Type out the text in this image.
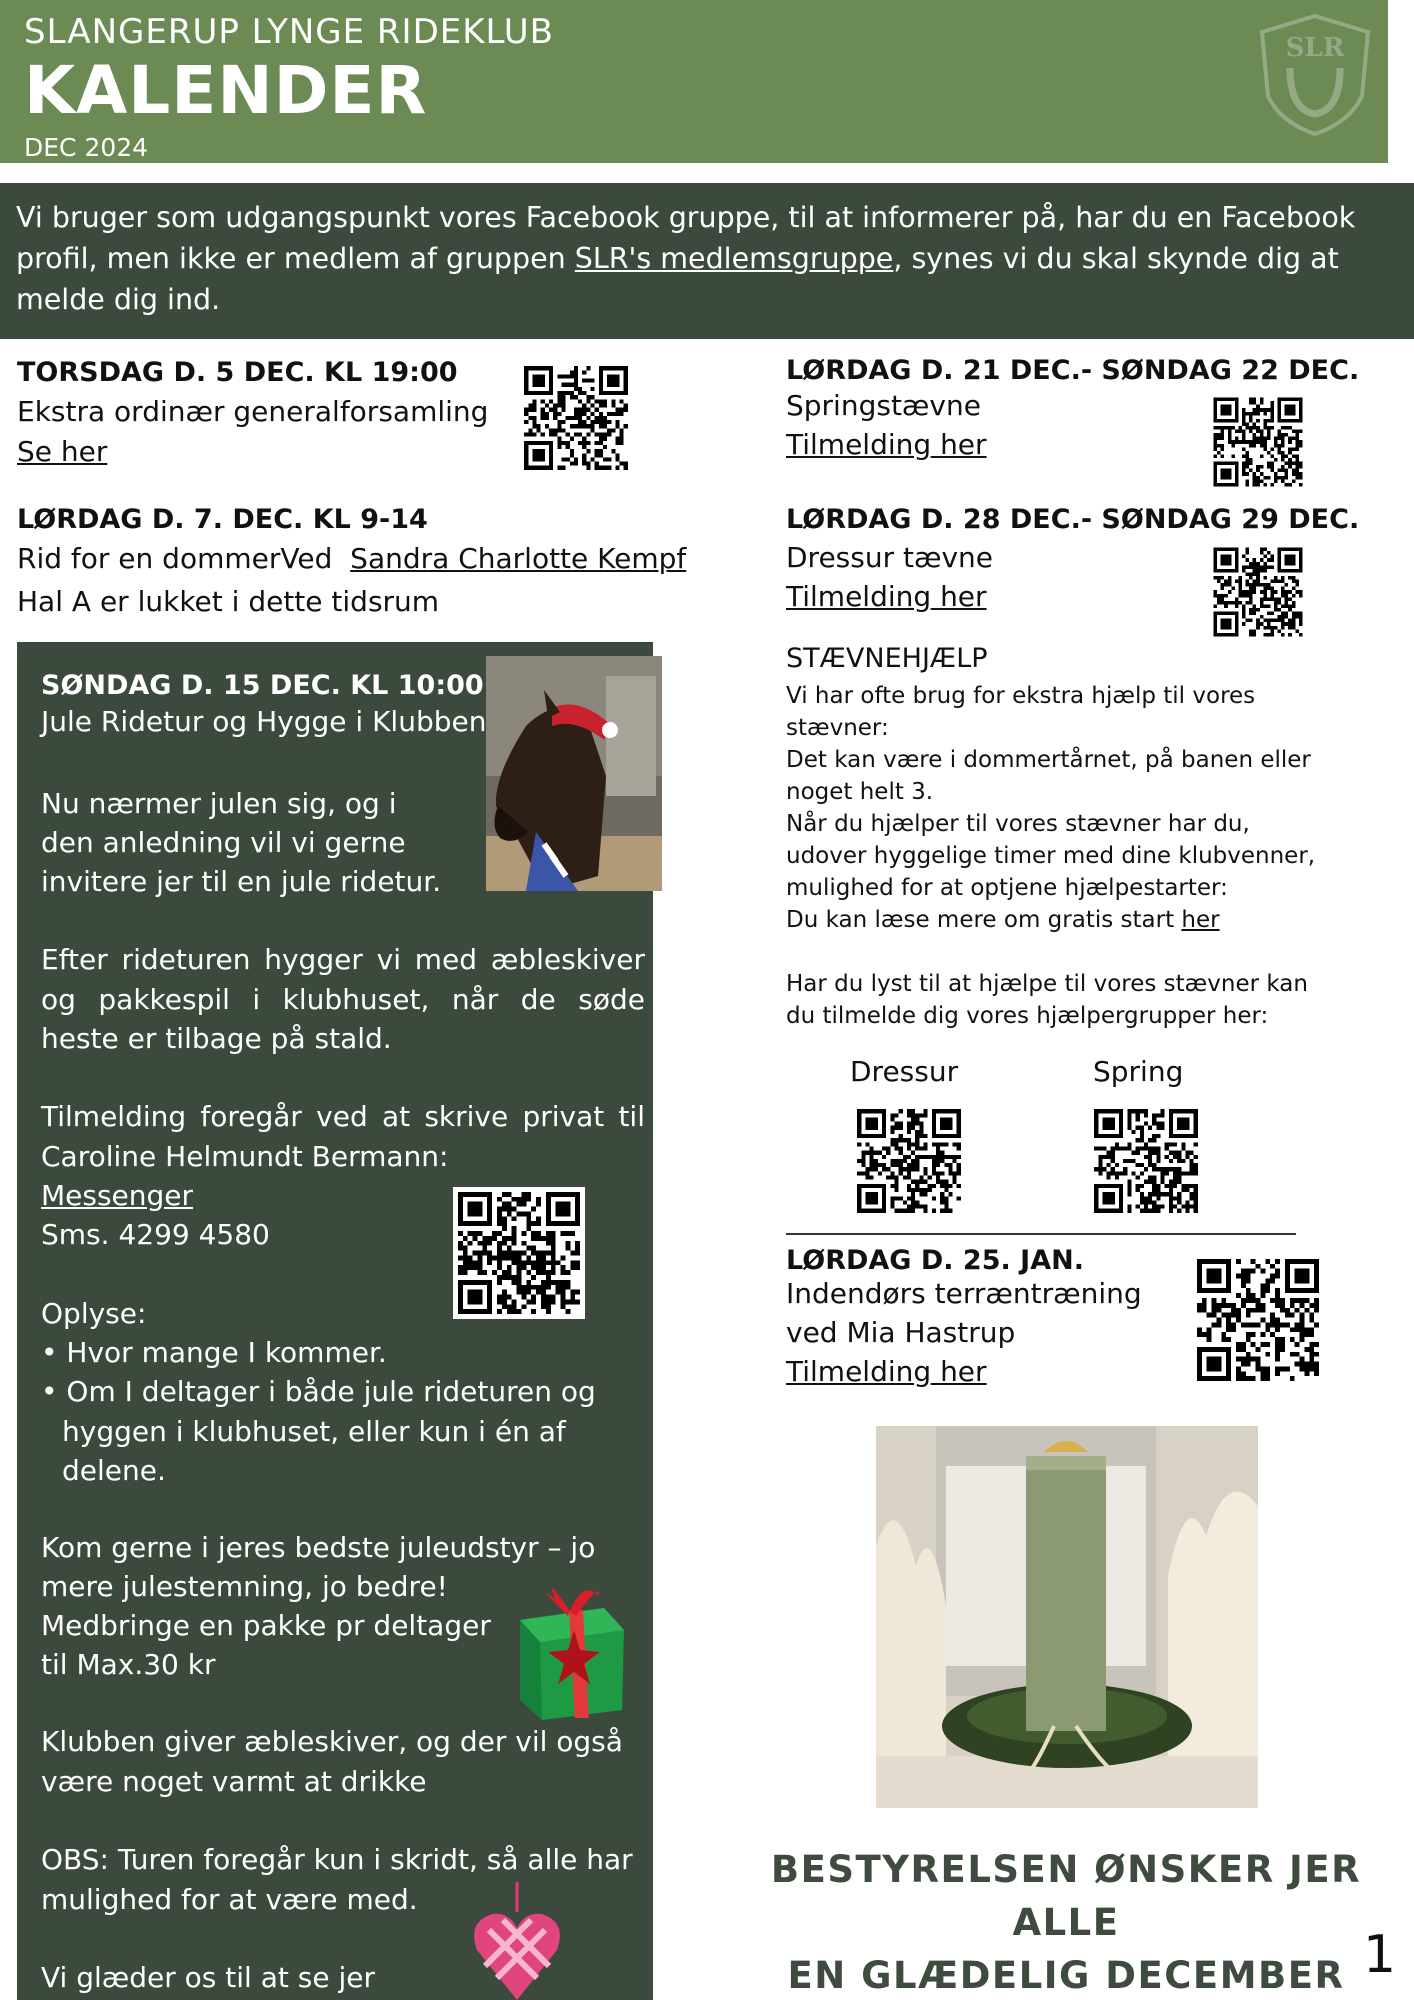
SLANGERUP LYNGE RIDEKLUB
KALENDER
DEC 2024
SLR

Vi bruger som udgangspunkt vores Facebook gruppe, til at informerer på, har du en Facebook profil, men ikke er medlem af gruppen SLR's medlemsgruppe, synes vi du skal skynde dig at melde dig ind.

TORSDAG D. 5 DEC. KL 19:00
Ekstra ordinær generalforsamling
Se her
LØRDAG D. 7. DEC. KL 9-14
Rid for en dommerVed  Sandra Charlotte Kempf
Hal A er lukket i dette tidsrum
SØNDAG D. 15 DEC. KL 10:00
Jule Ridetur og Hygge i Klubben
Nu nærmer julen sig, og i
den anledning vil vi gerne
invitere jer til en jule ridetur.
Efter rideturen hygger vi med æbleskiver og pakkespil i klubhuset, når de søde heste er tilbage på stald.
Tilmelding foregår ved at skrive privat til Caroline Helmundt Bermann:
Messenger
Sms. 4299 4580
Oplyse:
• Hvor mange I kommer.
• Om I deltager i både jule rideturen og hyggen i klubhuset, eller kun i én af delene.
Kom gerne i jeres bedste juleudstyr – jo
mere julestemning, jo bedre!
Medbringe en pakke pr deltager
til Max.30 kr
Klubben giver æbleskiver, og der vil også være noget varmt at drikke
OBS: Turen foregår kun i skridt, så alle har mulighed for at være med.
Vi glæder os til at se jer
LØRDAG D. 21 DEC.- SØNDAG 22 DEC.
Springstævne
Tilmelding her
LØRDAG D. 28 DEC.- SØNDAG 29 DEC.
Dressur tævne
Tilmelding her
STÆVNEHJÆLP
Vi har ofte brug for ekstra hjælp til vores
stævner:
Det kan være i dommertårnet, på banen eller
noget helt 3.
Når du hjælper til vores stævner har du,
udover hyggelige timer med dine klubvenner,
mulighed for at optjene hjælpestarter:
Du kan læse mere om gratis start her
Har du lyst til at hjælpe til vores stævner kan
du tilmelde dig vores hjælpergrupper her:
Dressur	Spring
LØRDAG D. 25. JAN.
Indendørs terræntræning
ved Mia Hastrup
Tilmelding her
BESTYRELSEN ØNSKER JER ALLE
EN GLÆDELIG DECEMBER 1
